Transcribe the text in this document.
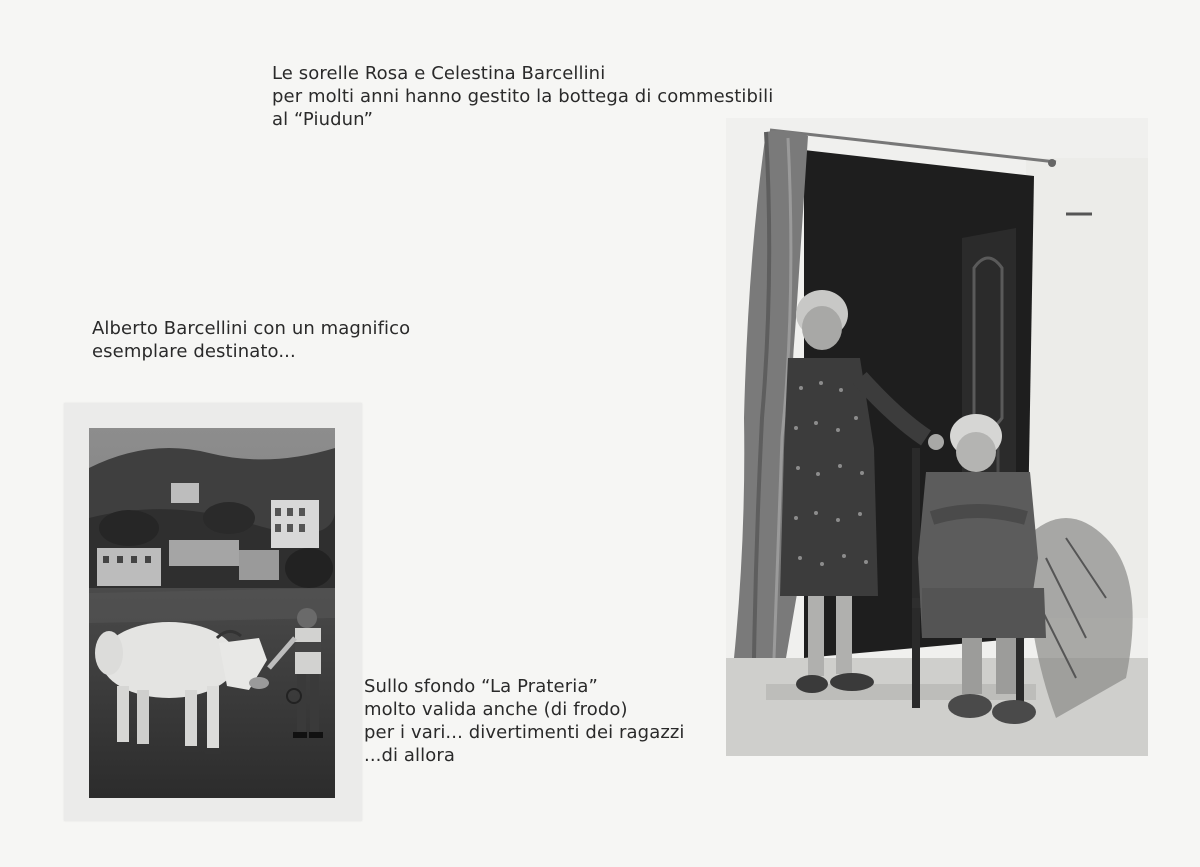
Le sorelle Rosa e Celestina Barcellini
per molti anni hanno gestito la bottega di commestibili
al “Piudun”
Alberto Barcellini con un magnifico
esemplare destinato...
Sullo sfondo “La Prateria”
molto valida anche (di frodo)
per i vari... divertimenti dei ragazzi
...di allora
